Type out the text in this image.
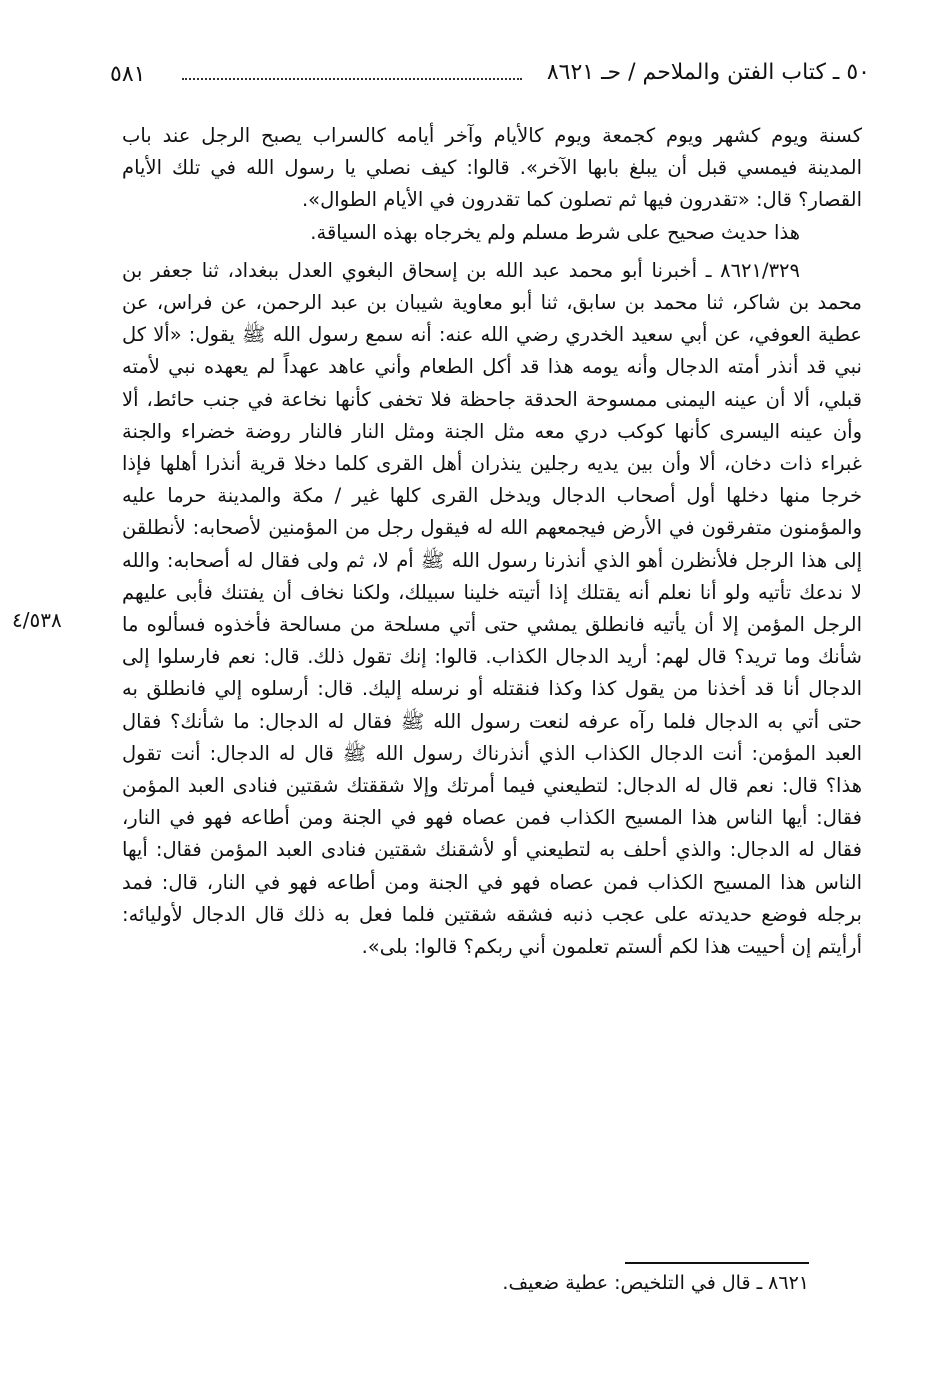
٥٠ ـ كتاب الفتن والملاحم / حـ ٨٦٢١
٥٨١

كسنة ويوم كشهر ويوم كجمعة ويوم كالأيام وآخر أيامه كالسراب يصبح الرجل عند باب المدينة فيمسي قبل أن يبلغ بابها الآخر». قالوا: كيف نصلي يا رسول الله في تلك الأيام القصار؟ قال: «تقدرون فيها ثم تصلون كما تقدرون في الأيام الطوال».

هذا حديث صحيح على شرط مسلم ولم يخرجاه بهذه السياقة.

٨٦٢١/٣٢٩ ـ أخبرنا أبو محمد عبد الله بن إسحاق البغوي العدل ببغداد، ثنا جعفر بن محمد بن شاكر، ثنا محمد بن سابق، ثنا أبو معاوية شيبان بن عبد الرحمن، عن فراس، عن عطية العوفي، عن أبي سعيد الخدري رضي الله عنه: أنه سمع رسول الله ﷺ يقول: «ألا كل نبي قد أنذر أمته الدجال وأنه يومه هذا قد أكل الطعام وأني عاهد عهداً لم يعهده نبي لأمته قبلي، ألا أن عينه اليمنى ممسوحة الحدقة جاحظة فلا تخفى كأنها نخاعة في جنب حائط، ألا وأن عينه اليسرى كأنها كوكب دري معه مثل الجنة ومثل النار فالنار روضة خضراء والجنة غبراء ذات دخان، ألا وأن بين يديه رجلين ينذران أهل القرى كلما دخلا قرية أنذرا أهلها فإذا خرجا منها دخلها أول أصحاب الدجال ويدخل القرى كلها غير / مكة والمدينة حرما عليه والمؤمنون متفرقون في الأرض فيجمعهم الله له فيقول رجل من المؤمنين لأصحابه: لأنطلقن إلى هذا الرجل فلأنظرن أهو الذي أنذرنا رسول الله ﷺ أم لا، ثم ولى فقال له أصحابه: والله لا ندعك تأتيه ولو أنا نعلم أنه يقتلك إذا أتيته خلينا سبيلك، ولكنا نخاف أن يفتنك فأبى عليهم الرجل المؤمن إلا أن يأتيه فانطلق يمشي حتى أتي مسلحة من مسالحة فأخذوه فسألوه ما شأنك وما تريد؟ قال لهم: أريد الدجال الكذاب. قالوا: إنك تقول ذلك. قال: نعم فارسلوا إلى الدجال أنا قد أخذنا من يقول كذا وكذا فنقتله أو نرسله إليك. قال: أرسلوه إلي فانطلق به حتى أتي به الدجال فلما رآه عرفه لنعت رسول الله ﷺ فقال له الدجال: ما شأنك؟ فقال العبد المؤمن: أنت الدجال الكذاب الذي أنذرناك رسول الله ﷺ قال له الدجال: أنت تقول هذا؟ قال: نعم قال له الدجال: لتطيعني فيما أمرتك وإلا شققتك شقتين فنادى العبد المؤمن فقال: أيها الناس هذا المسيح الكذاب فمن عصاه فهو في الجنة ومن أطاعه فهو في النار، فقال له الدجال: والذي أحلف به لتطيعني أو لأشقنك شقتين فنادى العبد المؤمن فقال: أيها الناس هذا المسيح الكذاب فمن عصاه فهو في الجنة ومن أطاعه فهو في النار، قال: فمد برجله فوضع حديدته على عجب ذنبه فشقه شقتين فلما فعل به ذلك قال الدجال لأوليائه: أرأيتم إن أحييت هذا لكم ألستم تعلمون أني ربكم؟ قالوا: بلى».

٤/٥٣٨
٨٦٢١ ـ قال في التلخيص: عطية ضعيف.
